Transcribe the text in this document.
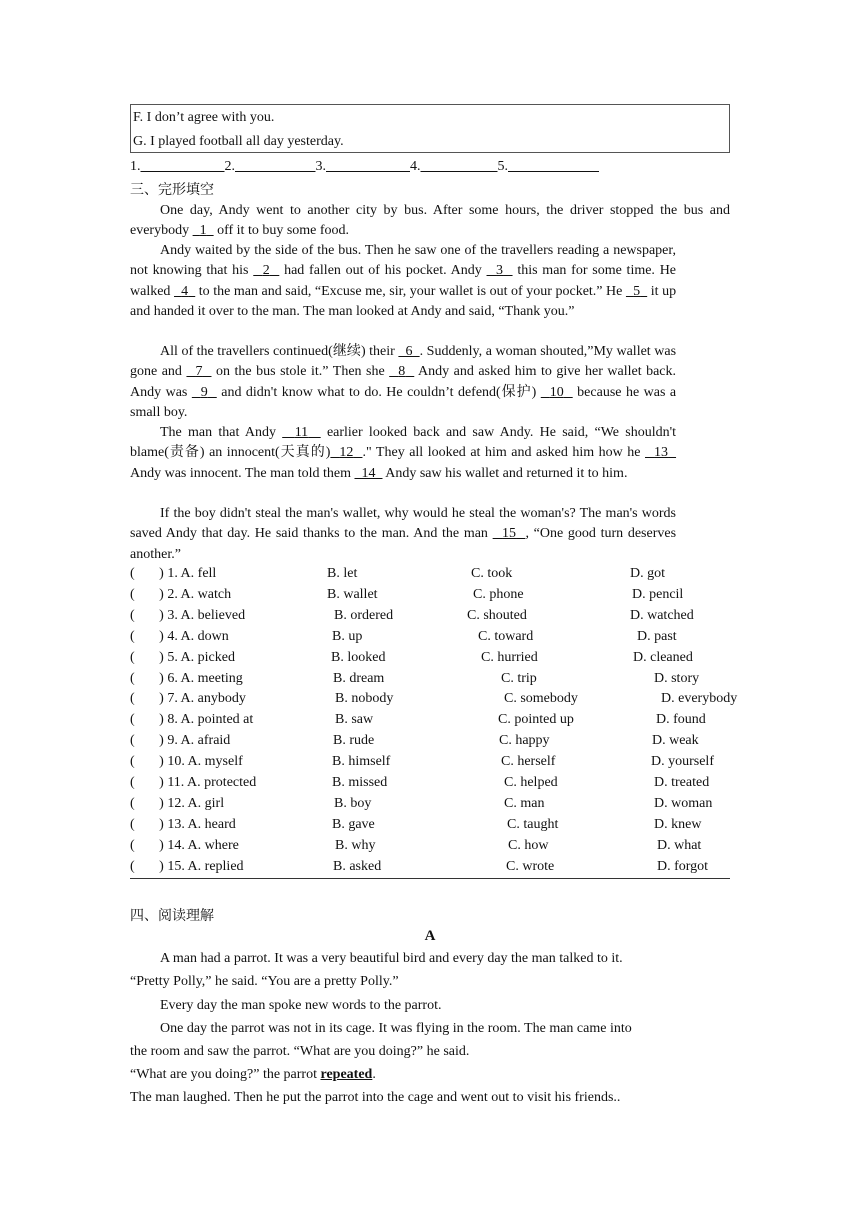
F. I don’t agree with you.
G. I played football all day yesterday.
1.	2.	3.	4.	5.
三、完形填空
One day, Andy went to another city by bus. After some hours, the driver stopped the bus and everybody 1 off it to buy some food.
Andy waited by the side of the bus. Then he saw one of the travellers reading a newspaper, not knowing that his 2 had fallen out of his pocket. Andy 3 this man for some time. He walked 4 to the man and said, “Excuse me, sir, your wallet is out of your pocket.” He 5 it up and handed it over to the man. The man looked at Andy and said, “Thank you.”
All of the travellers continued(继续) their 6 . Suddenly, a woman shouted,”My wallet was gone and 7 on the bus stole it.” Then she 8 Andy and asked him to give her wallet back. Andy was 9 and didn't know what to do. He couldn’t defend(保护) 10 because he was a small boy.
The man that Andy 11 earlier looked back and saw Andy. He said, “We shouldn't blame(责备) an innocent(天真的) 12 ." They all looked at him and asked him how he 13   Andy was innocent. The man told them 14 Andy saw his wallet and returned it to him.
If the boy didn't steal the man's wallet, why would he steal the woman's? The man's words saved Andy that day. He said thanks to the man. And the man 15 , “One good turn deserves another.”
(       ) 1. A. fell	B. let	C. took	D. got
(       ) 2. A. watch	B. wallet	C. phone	D. pencil
(       ) 3. A. believed	B. ordered	C. shouted	D. watched
(       ) 4. A. down	B. up	C. toward	D. past
(       ) 5. A. picked	B. looked	C. hurried	D. cleaned
(       ) 6. A. meeting	B. dream	C. trip	D. story
(       ) 7. A. anybody	B. nobody	C. somebody	D. everybody
(       ) 8. A. pointed at	B. saw	C. pointed up	D. found
(       ) 9. A. afraid	B. rude	C. happy	D. weak
(       ) 10. A. myself	B. himself	C. herself	D. yourself
(       ) 11. A. protected	B. missed	C. helped	D. treated
(       ) 12. A. girl	B. boy	C. man	D. woman
(       ) 13. A. heard	B. gave	C. taught	D. knew
(       ) 14. A. where	B. why	C. how	D. what
(       ) 15. A. replied	B. asked	C. wrote	D. forgot
四、阅读理解
A
A man had a parrot. It was a very beautiful bird and every day the man talked to it.
“Pretty Polly,” he said. “You are a pretty Polly.”
Every day the man spoke new words to the parrot.
One day the parrot was not in its cage. It was flying in the room. The man came into
the room and saw the parrot. “What are you doing?” he said.
“What are you doing?” the parrot repeated.
The man laughed. Then he put the parrot into the cage and went out to visit his friends..
